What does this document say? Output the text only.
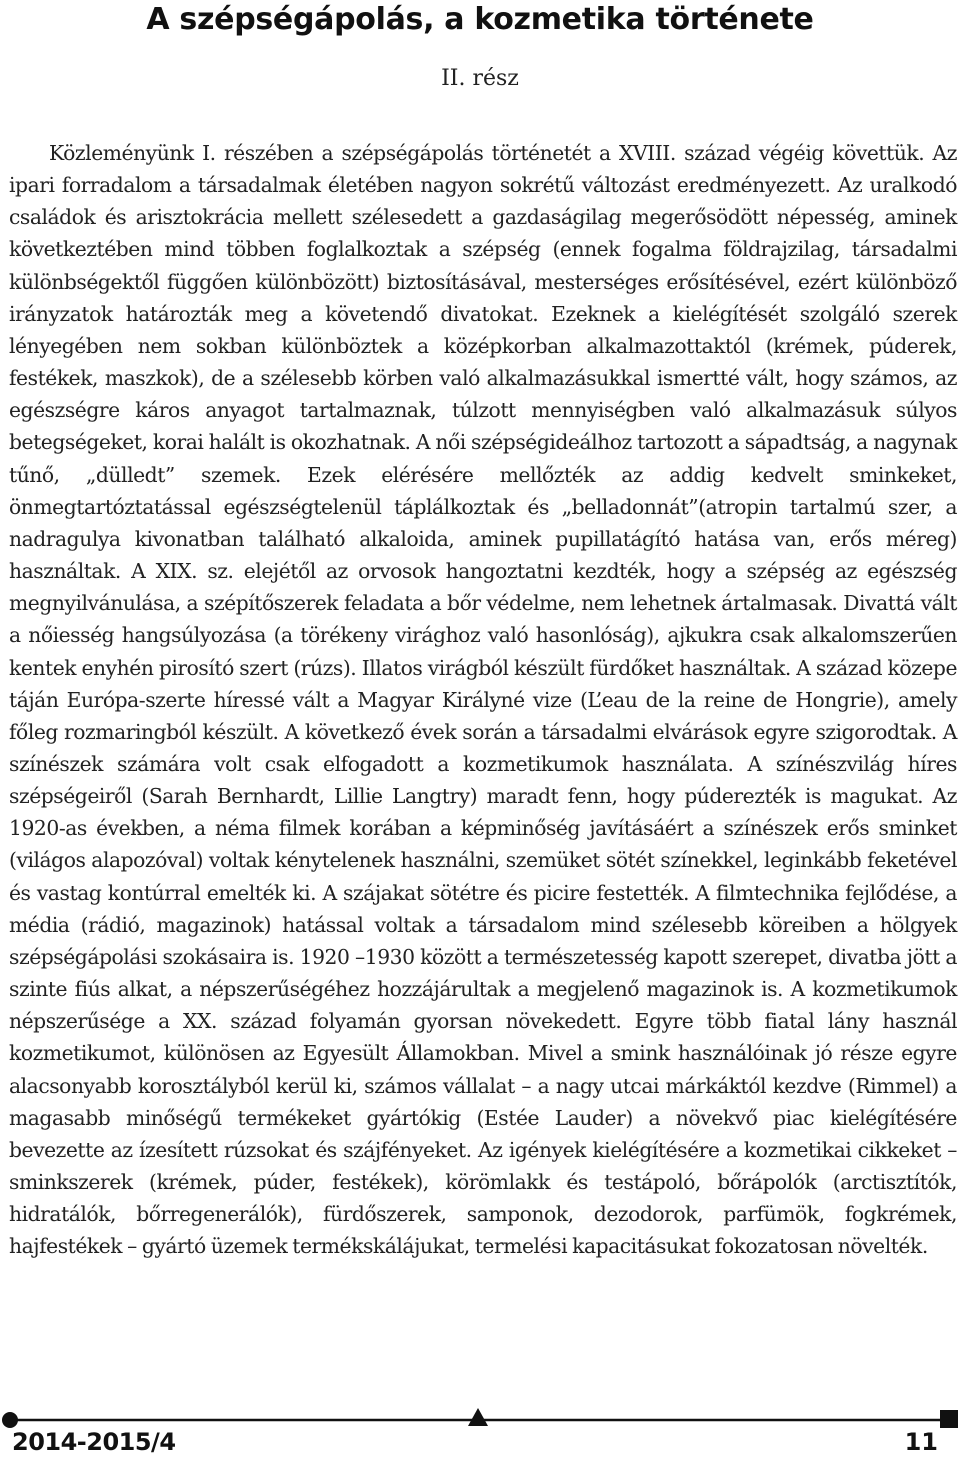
A szépségápolás, a kozmetika története

II. rész

Közleményünk I. részében a szépségápolás történetét a XVIII. század végéig követtük. Az ipari forradalom a társadalmak életében nagyon sokrétű változást eredményezett. Az uralkodó családok és arisztokrácia mellett szélesedett a gazdaságilag megerősödött népesség, aminek következtében mind többen foglalkoztak a szépség (ennek fogalma földrajzilag, társadalmi különbségektől függően különbözött) biztosításával, mesterséges erősítésével, ezért különböző irányzatok határozták meg a követendő divatokat. Ezeknek a kielégítését szolgáló szerek lényegében nem sokban különböztek a középkorban alkalmazottaktól (krémek, púderek, festékek, maszkok), de a szélesebb körben való alkalmazásukkal ismertté vált, hogy számos, az egészségre káros anyagot tartalmaznak, túlzott mennyiségben való alkalmazásuk súlyos betegségeket, korai halált is okozhatnak. A női szépségideálhoz tartozott a sápadtság, a nagynak tűnő, „dülledt” szemek. Ezek elérésére mellőzték az addig kedvelt sminkeket, önmegtartóztatással egészségtelenül táplálkoztak és „belladonnát”(atropin tartalmú szer, a nadragulya kivonatban található alkaloida, aminek pupillatágító hatása van, erős méreg) használtak. A XIX. sz. elejétől az orvosok hangoztatni kezdték, hogy a szépség az egészség megnyilvánulása, a szépítőszerek feladata a bőr védelme, nem lehetnek ártalmasak. Divattá vált a nőiesség hangsúlyozása (a törékeny virághoz való hasonlóság), ajkukra csak alkalomszerűen kentek enyhén pirosító szert (rúzs). Illatos virágból készült fürdőket használtak. A század közepe táján Európa-szerte híressé vált a Magyar Királyné vize (L’eau de la reine de Hongrie), amely főleg rozmaringból készült. A következő évek során a társadalmi elvárások egyre szigorodtak. A színészek számára volt csak elfogadott a kozmetikumok használata. A színészvilág híres szépségeiről (Sarah Bernhardt, Lillie Langtry) maradt fenn, hogy púderezték is magukat. Az 1920-as években, a néma filmek korában a képminőség javításáért a színészek erős sminket (világos alapozóval) voltak kénytelenek használni, szemüket sötét színekkel, leginkább feketével és vastag kontúrral emelték ki. A szájakat sötétre és picire festették. A filmtechnika fejlődése, a média (rádió, magazinok) hatással voltak a társadalom mind szélesebb köreiben a hölgyek szépségápolási szokásaira is. 1920 –1930 között a természetesség kapott szerepet, divatba jött a szinte fiús alkat, a népszerűségéhez hozzájárultak a megjelenő magazinok is. A kozmetikumok népszerűsége a XX. század folyamán gyorsan növekedett. Egyre több fiatal lány használ kozmetikumot, különösen az Egyesült Államokban. Mivel a smink használóinak jó része egyre alacsonyabb korosztályból kerül ki, számos vállalat – a nagy utcai márkáktól kezdve (Rimmel) a magasabb minőségű termékeket gyártókig (Estée Lauder) a növekvő piac kielégítésére bevezette az ízesített rúzsokat és szájfényeket. Az igények kielégítésére a kozmetikai cikkeket – sminkszerek (krémek, púder, festékek), körömlakk és testápoló, bőrápolók (arctisztítók, hidratálók, bőrregenerálók), fürdőszerek, samponok, dezodorok, parfümök, fogkrémek, hajfestékek – gyártó üzemek termékskálájukat, termelési kapacitásukat fokozatosan növelték.

2014-2015/4	11
